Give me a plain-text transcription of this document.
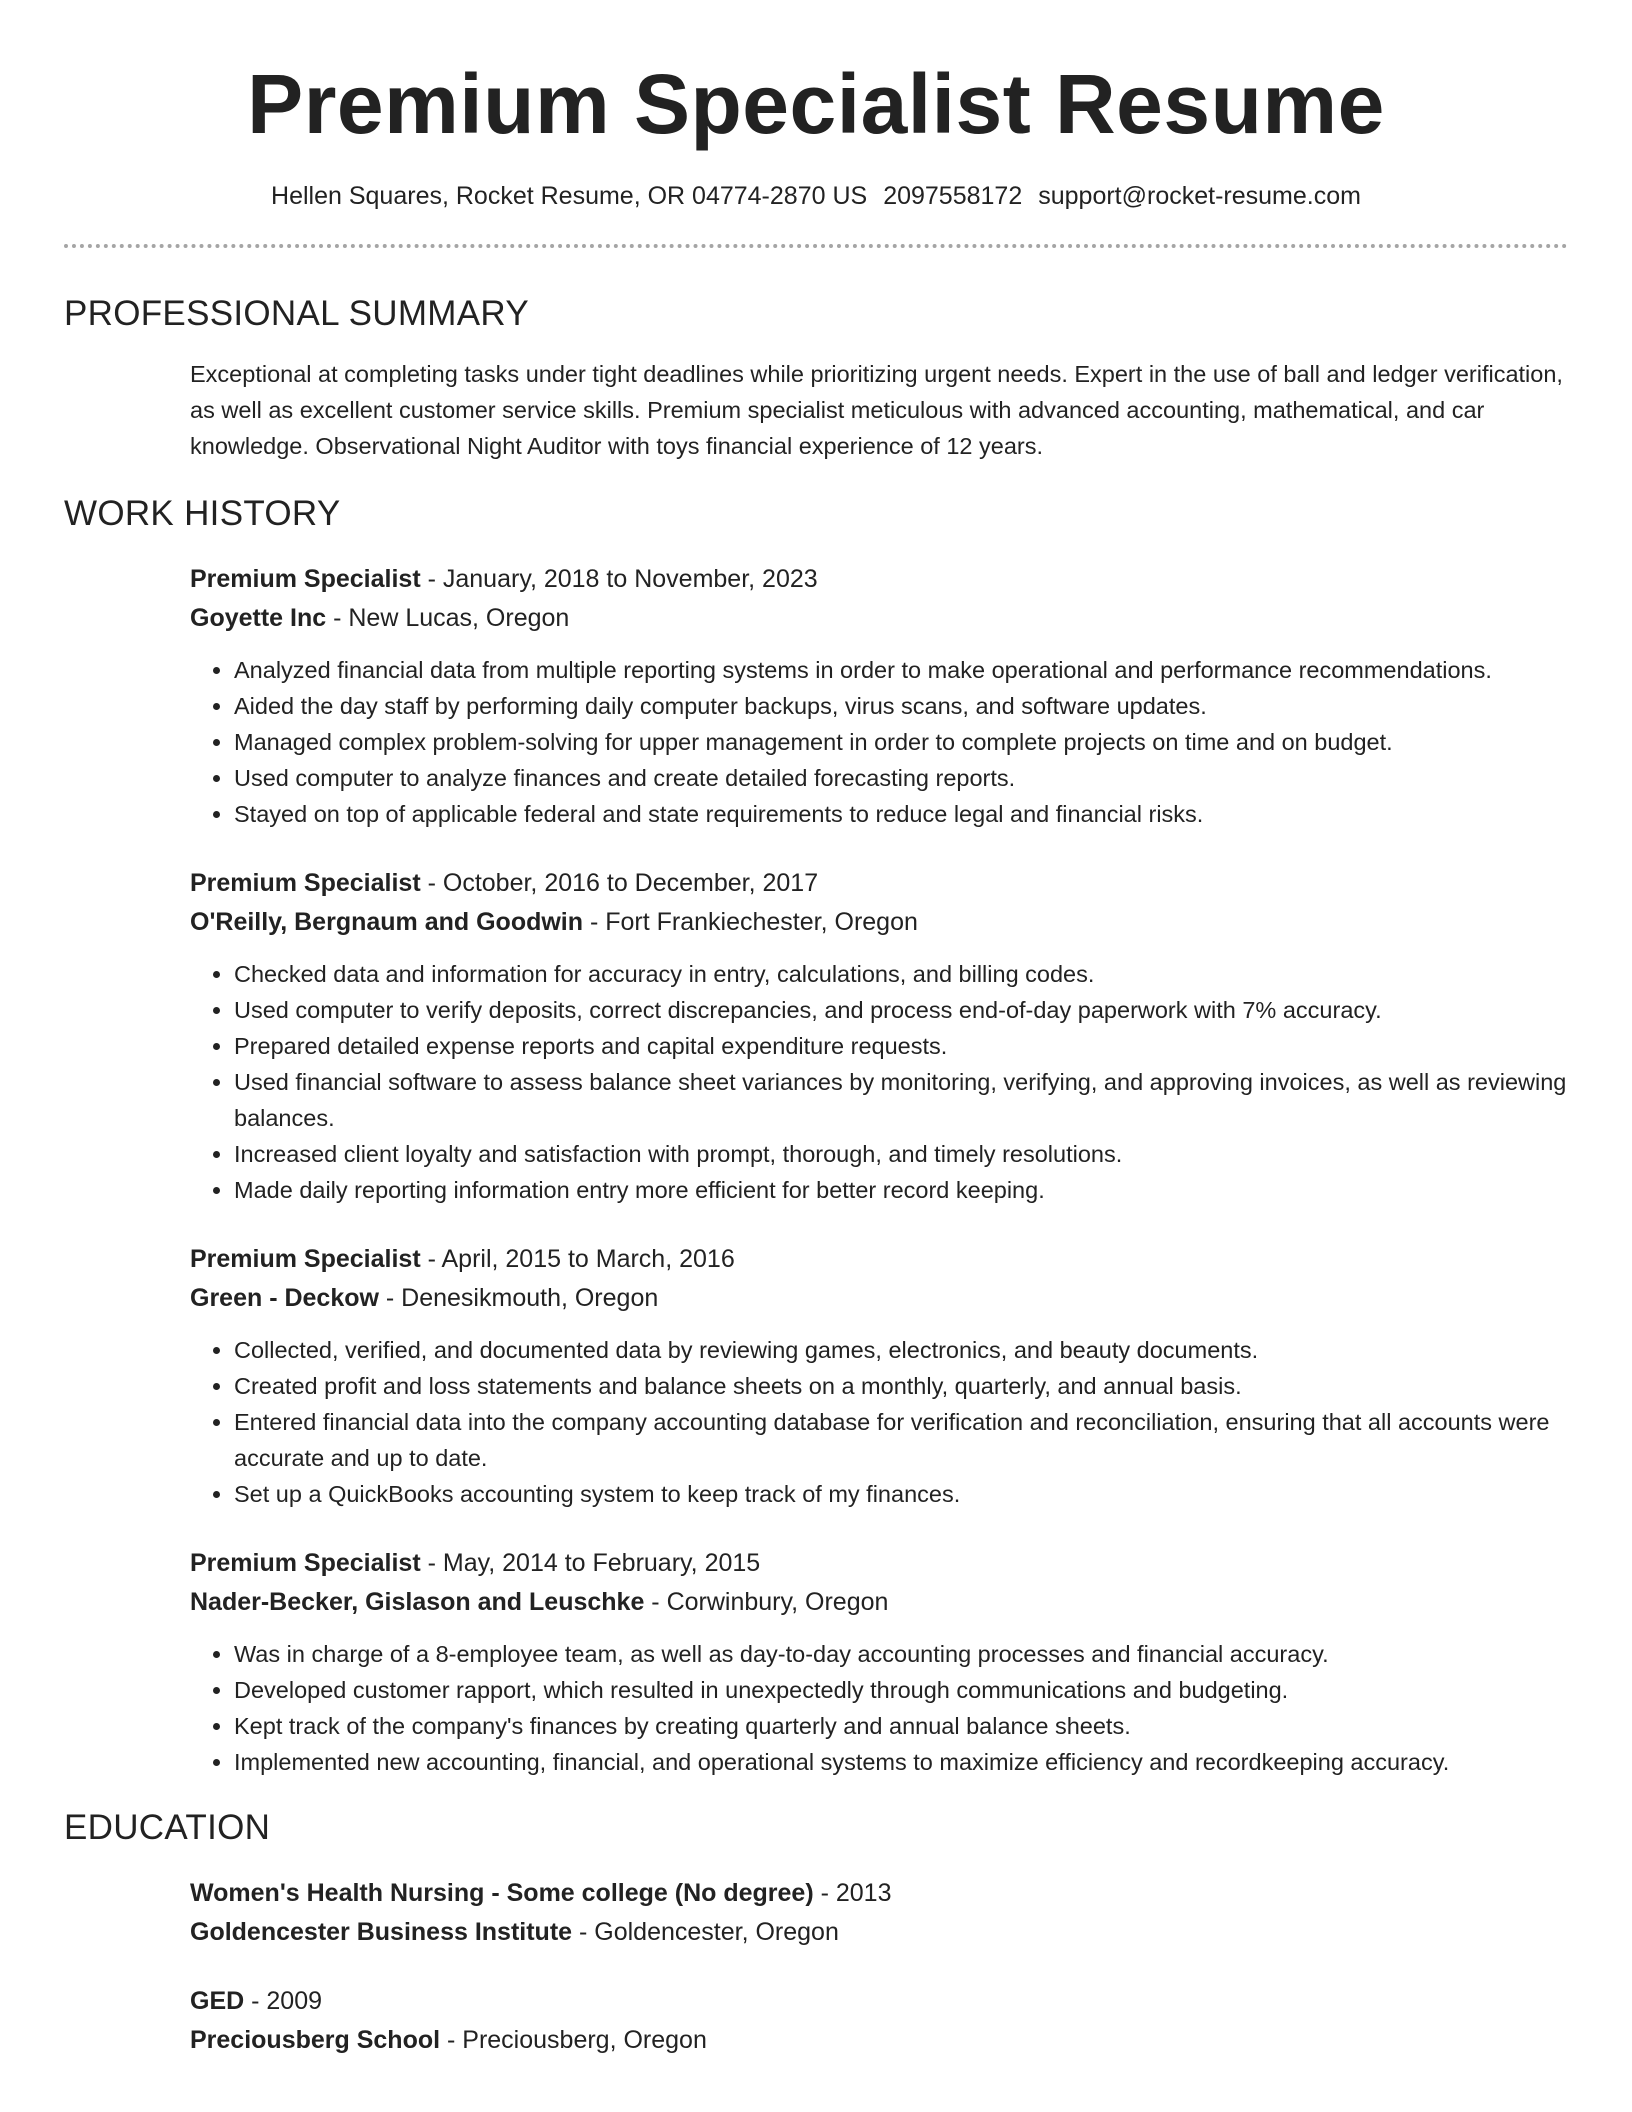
Premium Specialist Resume
Hellen Squares, Rocket Resume, OR 04774-2870 US 2097558172 support@rocket-resume.com
PROFESSIONAL SUMMARY

Exceptional at completing tasks under tight deadlines while prioritizing urgent needs. Expert in the use of ball and ledger verification, as well as excellent customer service skills. Premium specialist meticulous with advanced accounting, mathematical, and car knowledge. Observational Night Auditor with toys financial experience of 12 years.

WORK HISTORY
Premium Specialist - January, 2018 to November, 2023
Goyette Inc - New Lucas, Oregon
• Analyzed financial data from multiple reporting systems in order to make operational and performance recommendations.
• Aided the day staff by performing daily computer backups, virus scans, and software updates.
• Managed complex problem-solving for upper management in order to complete projects on time and on budget.
• Used computer to analyze finances and create detailed forecasting reports.
• Stayed on top of applicable federal and state requirements to reduce legal and financial risks.
Premium Specialist - October, 2016 to December, 2017
O'Reilly, Bergnaum and Goodwin - Fort Frankiechester, Oregon
• Checked data and information for accuracy in entry, calculations, and billing codes.
• Used computer to verify deposits, correct discrepancies, and process end-of-day paperwork with 7% accuracy.
• Prepared detailed expense reports and capital expenditure requests.
• Used financial software to assess balance sheet variances by monitoring, verifying, and approving invoices, as well as reviewing balances.
• Increased client loyalty and satisfaction with prompt, thorough, and timely resolutions.
• Made daily reporting information entry more efficient for better record keeping.
Premium Specialist - April, 2015 to March, 2016
Green - Deckow - Denesikmouth, Oregon
• Collected, verified, and documented data by reviewing games, electronics, and beauty documents.
• Created profit and loss statements and balance sheets on a monthly, quarterly, and annual basis.
• Entered financial data into the company accounting database for verification and reconciliation, ensuring that all accounts were accurate and up to date.
• Set up a QuickBooks accounting system to keep track of my finances.
Premium Specialist - May, 2014 to February, 2015
Nader-Becker, Gislason and Leuschke - Corwinbury, Oregon
• Was in charge of a 8-employee team, as well as day-to-day accounting processes and financial accuracy.
• Developed customer rapport, which resulted in unexpectedly through communications and budgeting.
• Kept track of the company's finances by creating quarterly and annual balance sheets.
• Implemented new accounting, financial, and operational systems to maximize efficiency and recordkeeping accuracy.
EDUCATION
Women's Health Nursing - Some college (No degree) - 2013
Goldencester Business Institute - Goldencester, Oregon
GED - 2009
Preciousberg School - Preciousberg, Oregon
